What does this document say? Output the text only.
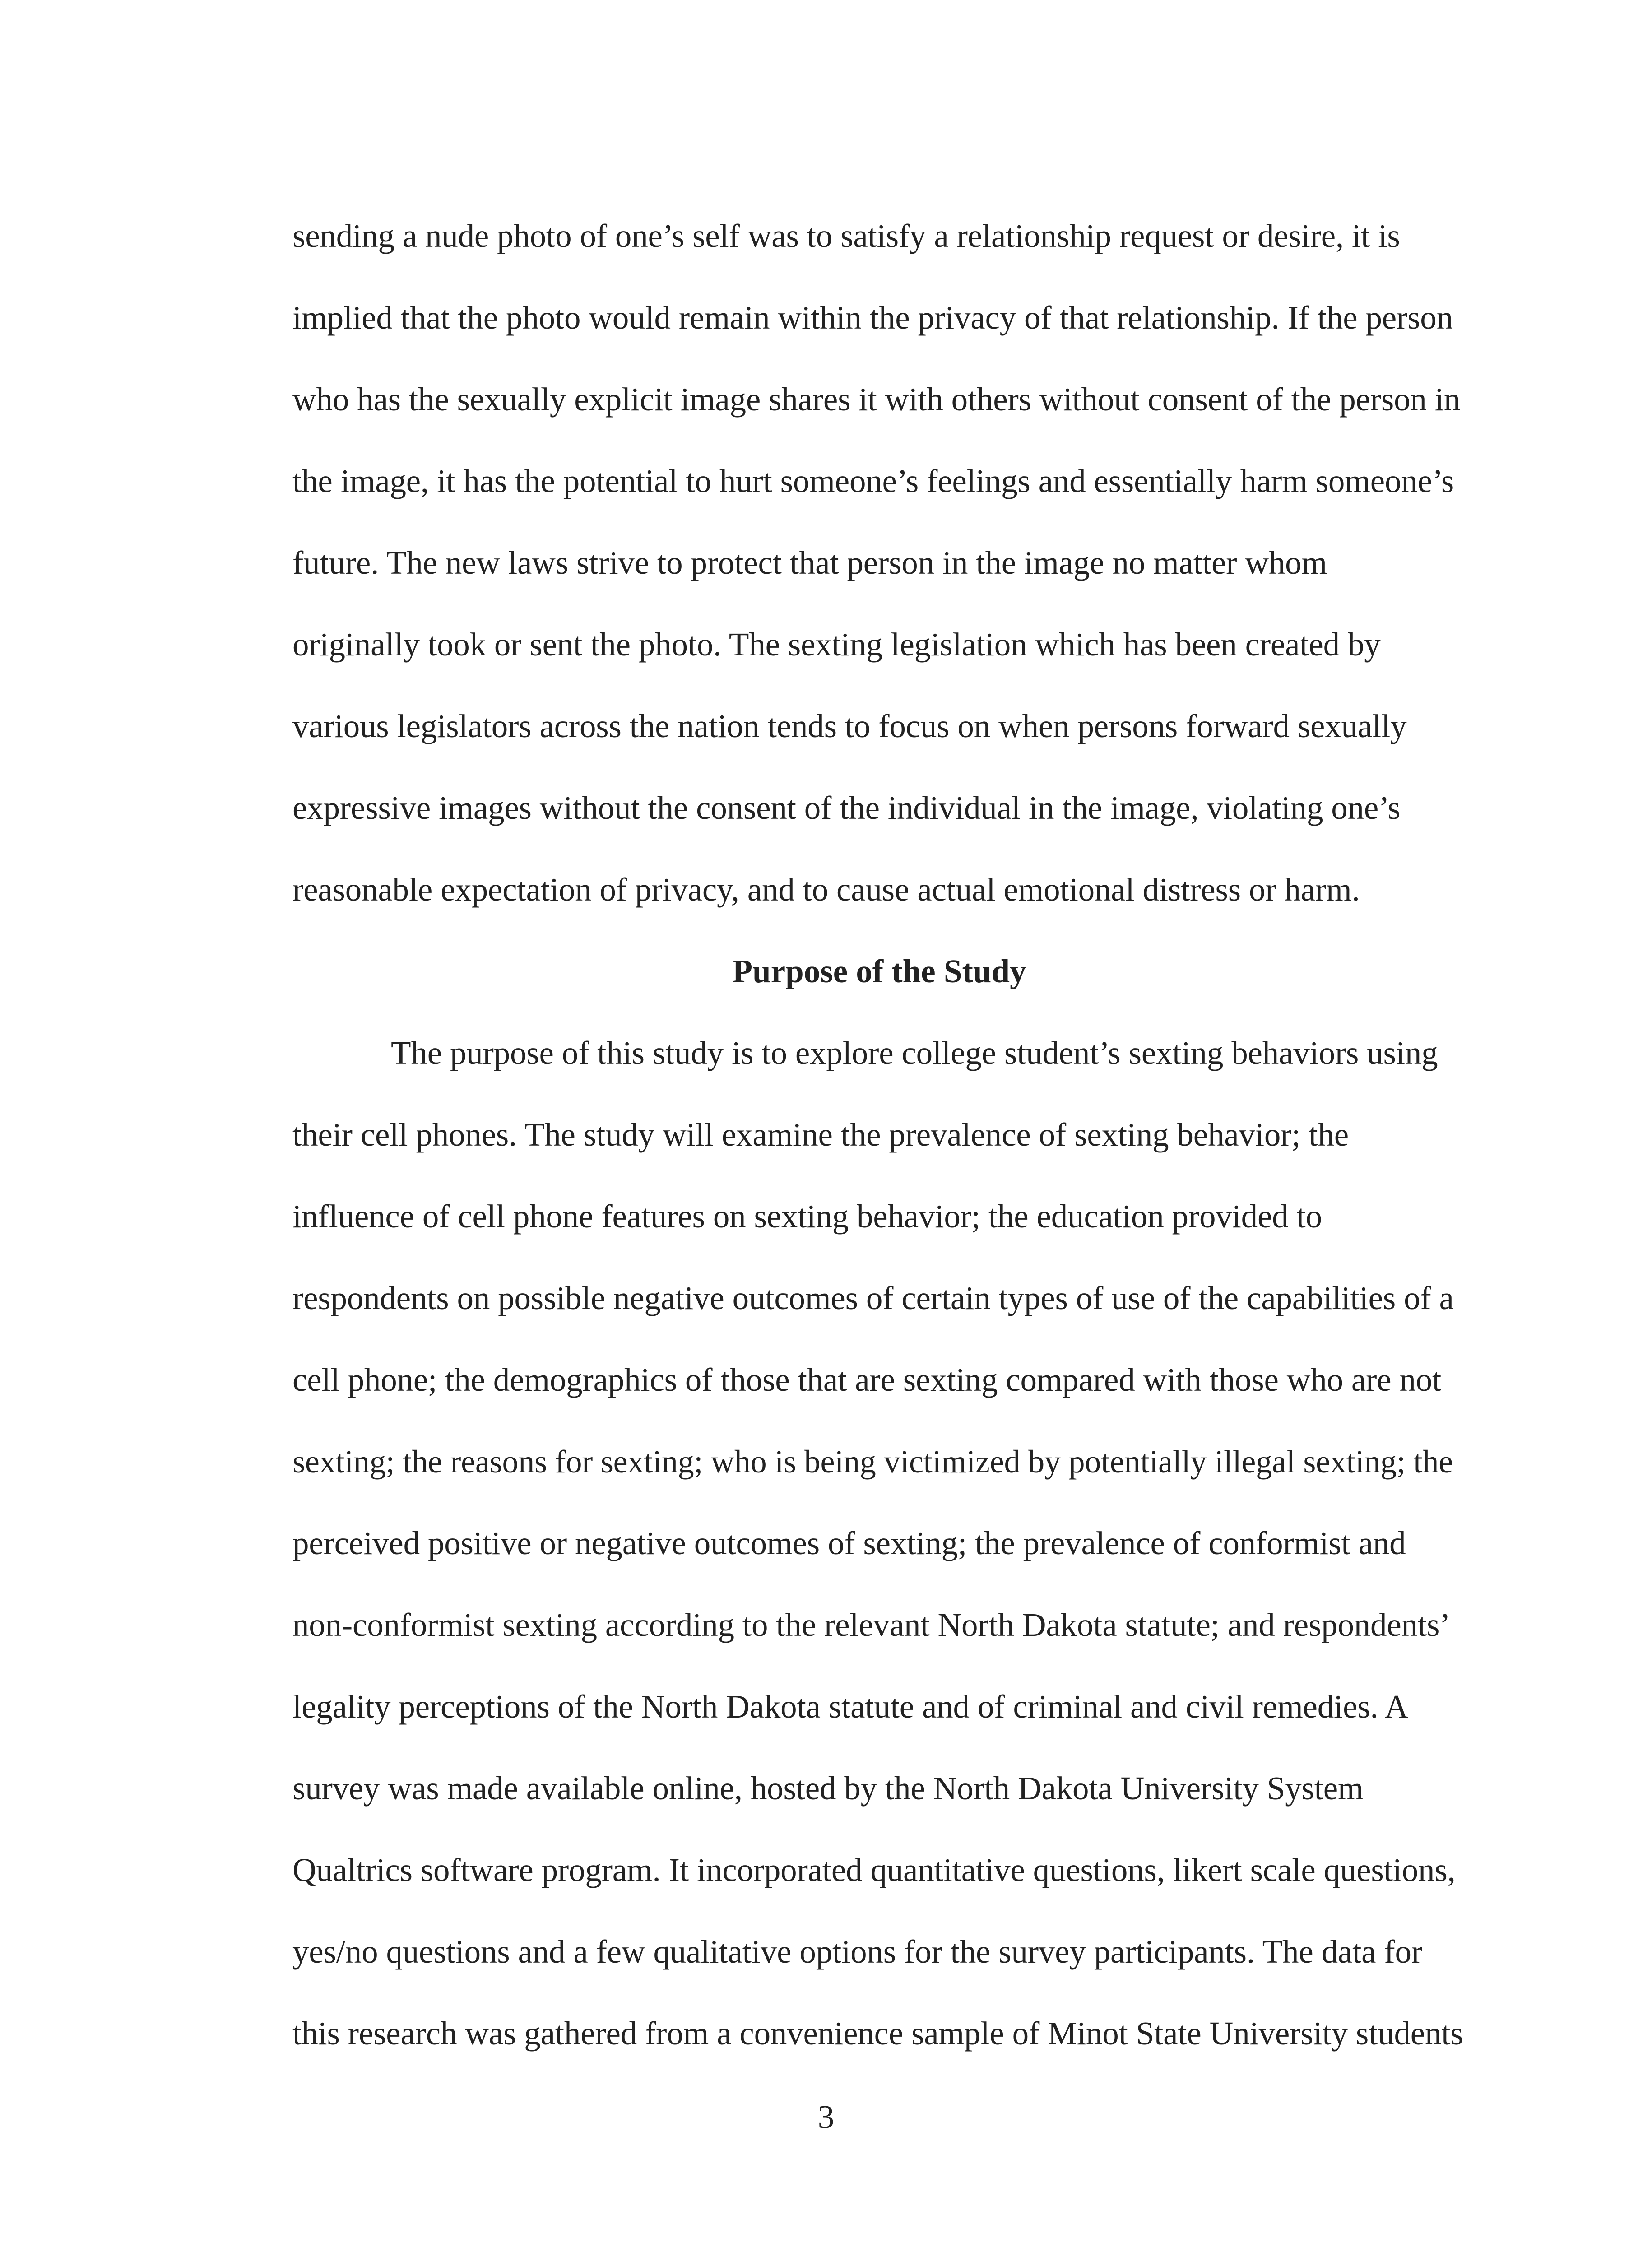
sending a nude photo of one’s self was to satisfy a relationship request or desire, it is
implied that the photo would remain within the privacy of that relationship. If the person
who has the sexually explicit image shares it with others without consent of the person in
the image, it has the potential to hurt someone’s feelings and essentially harm someone’s
future. The new laws strive to protect that person in the image no matter whom
originally took or sent the photo. The sexting legislation which has been created by
various legislators across the nation tends to focus on when persons forward sexually
expressive images without the consent of the individual in the image, violating one’s
reasonable expectation of privacy, and to cause actual emotional distress or harm.
Purpose of the Study
The purpose of this study is to explore college student’s sexting behaviors using
their cell phones. The study will examine the prevalence of sexting behavior; the
influence of cell phone features on sexting behavior; the education provided to
respondents on possible negative outcomes of certain types of use of the capabilities of a
cell phone; the demographics of those that are sexting compared with those who are not
sexting; the reasons for sexting; who is being victimized by potentially illegal sexting; the
perceived positive or negative outcomes of sexting; the prevalence of conformist and
non-conformist sexting according to the relevant North Dakota statute; and respondents’
legality perceptions of the North Dakota statute and of criminal and civil remedies. A
survey was made available online, hosted by the North Dakota University System
Qualtrics software program. It incorporated quantitative questions, likert scale questions,
yes/no questions and a few qualitative options for the survey participants. The data for
this research was gathered from a convenience sample of Minot State University students
3
